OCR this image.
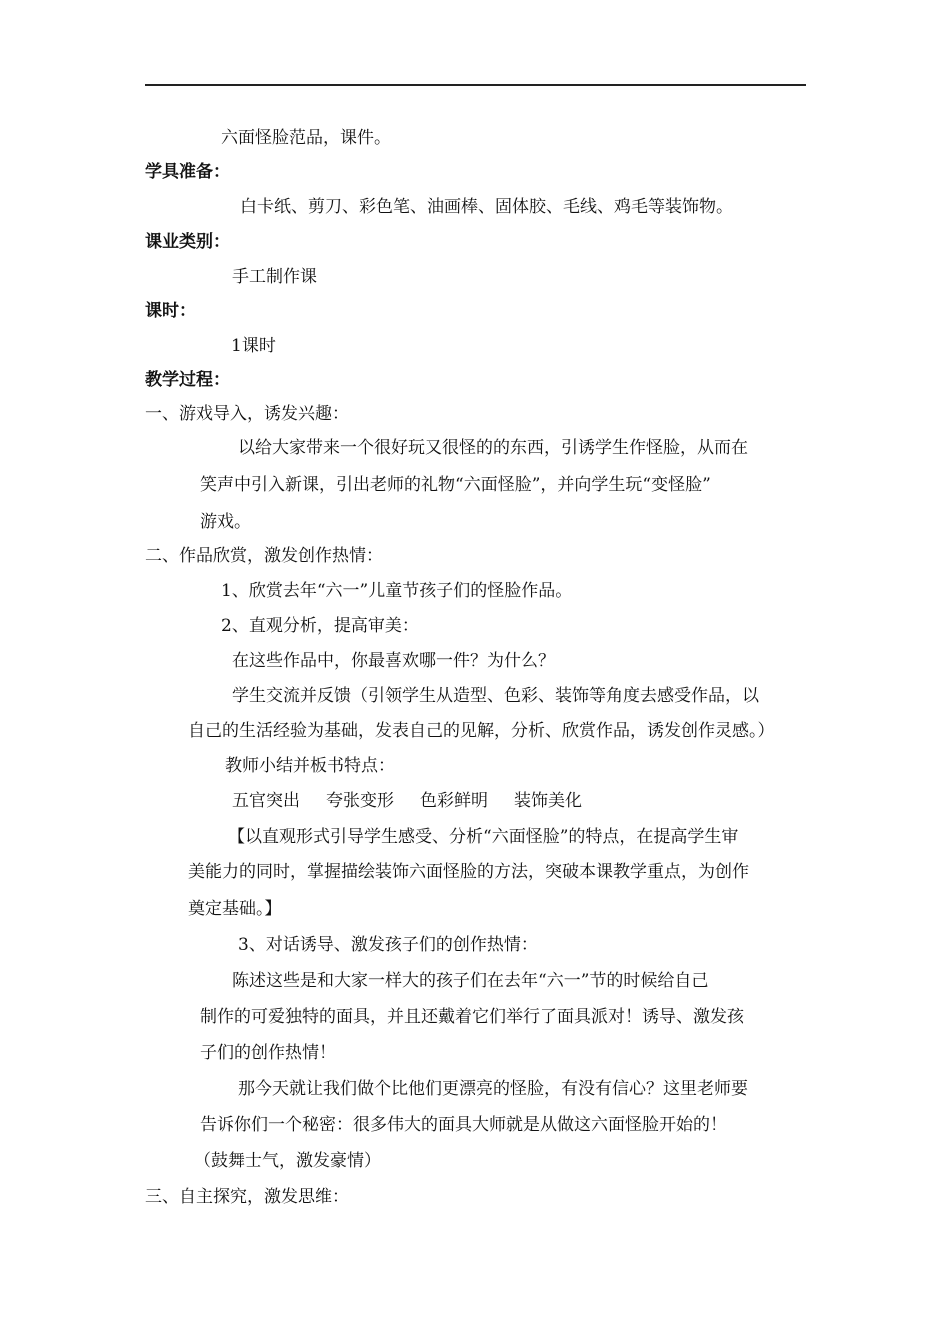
六面怪脸范品，课件。
学具准备：
白卡纸、剪刀、彩色笔、油画棒、固体胶、毛线、鸡毛等装饰物。
课业类别：
手工制作课
课时：
1课时
教学过程：
一、游戏导入，诱发兴趣：
以给大家带来一个很好玩又很怪的的东西，引诱学生作怪脸，从而在
笑声中引入新课，引出老师的礼物“六面怪脸”，并向学生玩“变怪脸”
游戏。
二、作品欣赏，激发创作热情：
1、欣赏去年“六一”儿童节孩子们的怪脸作品。
2、直观分析，提高审美：
在这些作品中，你最喜欢哪一件？为什么？
学生交流并反馈（引领学生从造型、色彩、装饰等角度去感受作品，以
自己的生活经验为基础，发表自己的见解，分析、欣赏作品，诱发创作灵感。）
教师小结并板书特点：
五官突出 夸张变形 色彩鲜明 装饰美化
【以直观形式引导学生感受、分析“六面怪脸”的特点，在提高学生审
美能力的同时，掌握描绘装饰六面怪脸的方法，突破本课教学重点，为创作
奠定基础。】
3、对话诱导、激发孩子们的创作热情：
陈述这些是和大家一样大的孩子们在去年“六一”节的时候给自己
制作的可爱独特的面具，并且还戴着它们举行了面具派对！诱导、激发孩
子们的创作热情！
那今天就让我们做个比他们更漂亮的怪脸，有没有信心？这里老师要
告诉你们一个秘密：很多伟大的面具大师就是从做这六面怪脸开始的！
（鼓舞士气，激发豪情）
三、自主探究，激发思维：
